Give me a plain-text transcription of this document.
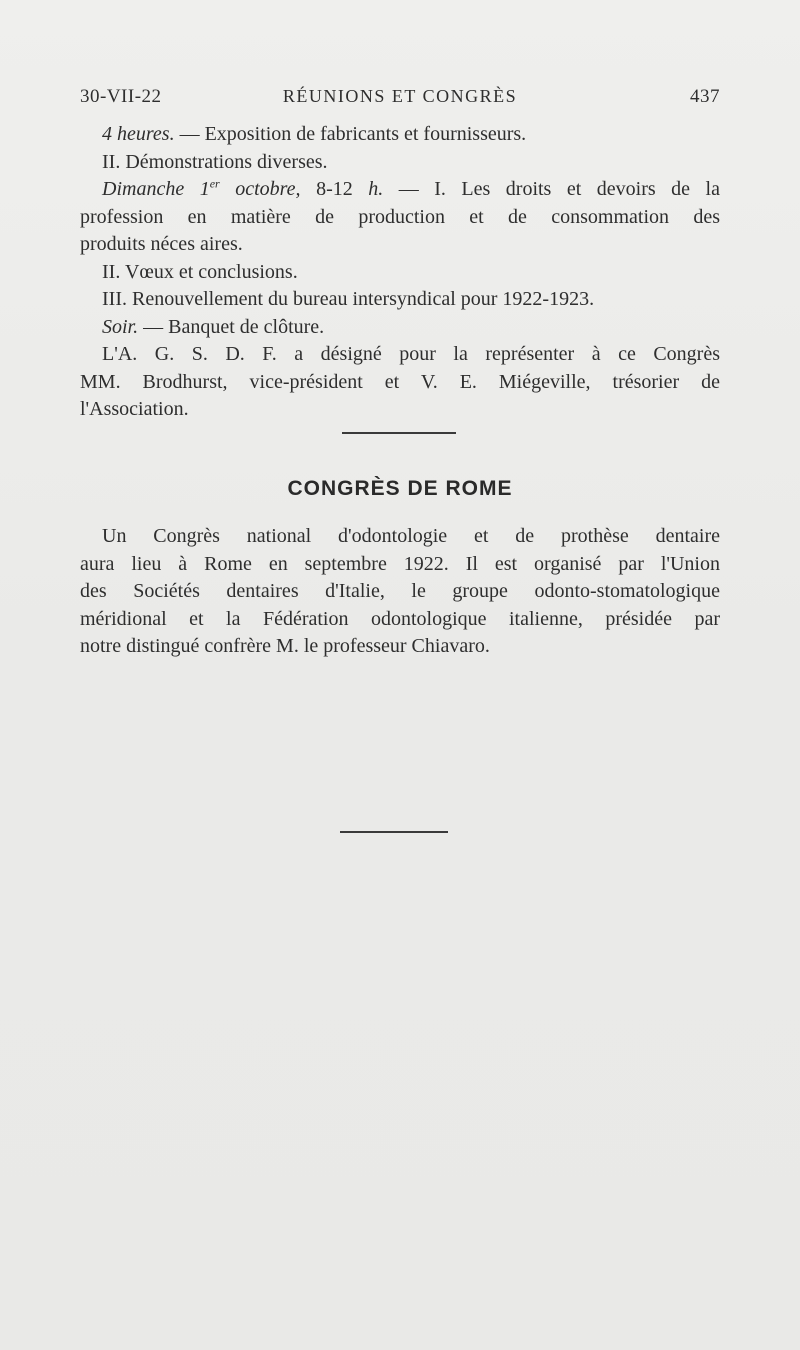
30-VII-22	RÉUNIONS ET CONGRÈS	437
4 heures. — Exposition de fabricants et fournisseurs.
II. Démonstrations diverses.
Dimanche 1er octobre, 8-12 h. — I. Les droits et devoirs de la
profession en matière de production et de consommation des
produits néces aires.
II. Vœux et conclusions.
III. Renouvellement du bureau intersyndical pour 1922-1923.
Soir. — Banquet de clôture.
L'A. G. S. D. F. a désigné pour la représenter à ce Congrès
MM. Brodhurst, vice-président et V. E. Miégeville, trésorier de
l'Association.
CONGRÈS DE ROME
Un Congrès national d'odontologie et de prothèse dentaire
aura lieu à Rome en septembre 1922. Il est organisé par l'Union
des Sociétés dentaires d'Italie, le groupe odonto-stomatologique
méridional et la Fédération odontologique italienne, présidée par
notre distingué confrère M. le professeur Chiavaro.
